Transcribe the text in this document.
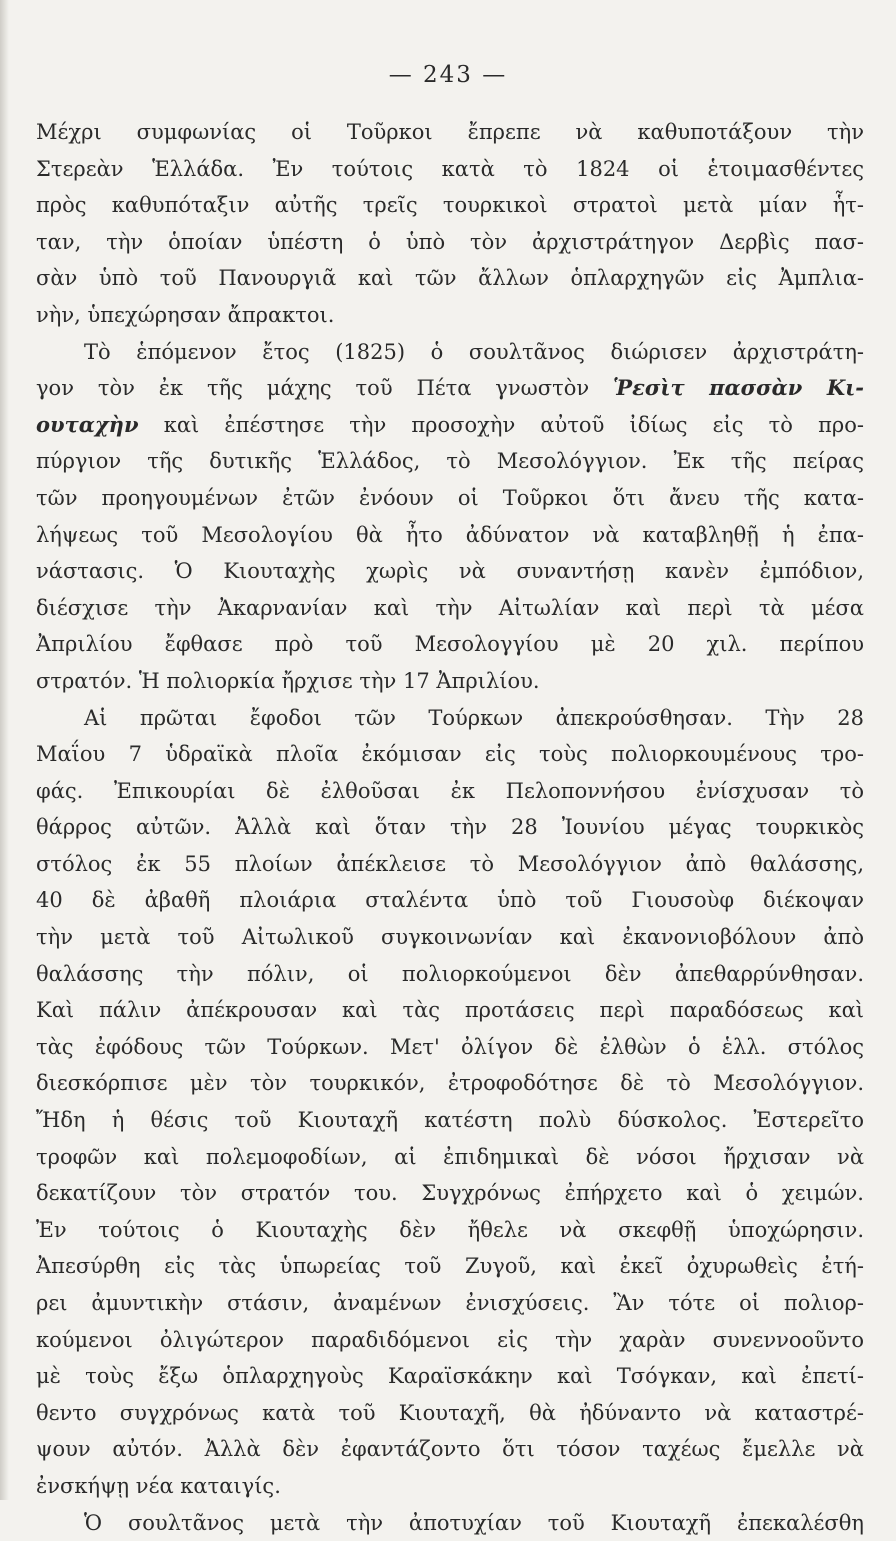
— 243 —
Μέχρι συμφωνίας οἱ Τοῦρκοι ἔπρεπε νὰ καθυποτάξουν τὴν
Στερεὰν Ἑλλάδα. Ἐν τούτοις κατὰ τὸ 1824 οἱ ἑτοιμασθέντες
πρὸς καθυπόταξιν αὐτῆς τρεῖς τουρκικοὶ στρατοὶ μετὰ μίαν ἧτ-
ταν, τὴν ὁποίαν ὑπέστη ὁ ὑπὸ τὸν ἀρχιστράτηγον Δερβὶς πασ-
σὰν ὑπὸ τοῦ Πανουργιᾶ καὶ τῶν ἄλλων ὁπλαρχηγῶν εἰς Ἀμπλια-
νὴν, ὑπεχώρησαν ἄπρακτοι.
Τὸ ἑπόμενον ἔτος (1825) ὁ σουλτᾶνος διώρισεν ἀρχιστράτη-
γον τὸν ἐκ τῆς μάχης τοῦ Πέτα γνωστὸν Ῥεσὶτ πασσὰν Κι-
ουταχὴν καὶ ἐπέστησε τὴν προσοχὴν αὐτοῦ ἰδίως εἰς τὸ προ-
πύργιον τῆς δυτικῆς Ἑλλάδος, τὸ Μεσολόγγιον. Ἐκ τῆς πείρας
τῶν προηγουμένων ἐτῶν ἐνόουν οἱ Τοῦρκοι ὅτι ἄνευ τῆς κατα-
λήψεως τοῦ Μεσολογίου θὰ ἦτο ἀδύνατον νὰ καταβληθῇ ἡ ἐπα-
νάστασις. Ὁ Κιουταχὴς χωρὶς νὰ συναντήσῃ κανὲν ἐμπόδιον,
διέσχισε τὴν Ἀκαρνανίαν καὶ τὴν Αἰτωλίαν καὶ περὶ τὰ μέσα
Ἀπριλίου ἔφθασε πρὸ τοῦ Μεσολογγίου μὲ 20 χιλ. περίπου
στρατόν. Ἡ πολιορκία ἤρχισε τὴν 17 Ἀπριλίου.
Αἱ πρῶται ἔφοδοι τῶν Τούρκων ἀπεκρούσθησαν. Τὴν 28
Μαΐου 7 ὑδραϊκὰ πλοῖα ἐκόμισαν εἰς τοὺς πολιορκουμένους τρο-
φάς. Ἐπικουρίαι δὲ ἐλθοῦσαι ἐκ Πελοποννήσου ἐνίσχυσαν τὸ
θάρρος αὐτῶν. Ἀλλὰ καὶ ὅταν τὴν 28 Ἰουνίου μέγας τουρκικὸς
στόλος ἐκ 55 πλοίων ἀπέκλεισε τὸ Μεσολόγγιον ἀπὸ θαλάσσης,
40 δὲ ἀβαθῆ πλοιάρια σταλέντα ὑπὸ τοῦ Γιουσοὺφ διέκοψαν
τὴν μετὰ τοῦ Αἰτωλικοῦ συγκοινωνίαν καὶ ἐκανονιοβόλουν ἀπὸ
θαλάσσης τὴν πόλιν, οἱ πολιορκούμενοι δὲν ἀπεθαρρύνθησαν.
Καὶ πάλιν ἀπέκρουσαν καὶ τὰς προτάσεις περὶ παραδόσεως καὶ
τὰς ἐφόδους τῶν Τούρκων. Μετ' ὀλίγον δὲ ἐλθὼν ὁ ἑλλ. στόλος
διεσκόρπισε μὲν τὸν τουρκικόν, ἐτροφοδότησε δὲ τὸ Μεσολόγγιον.
Ἤδη ἡ θέσις τοῦ Κιουταχῆ κατέστη πολὺ δύσκολος. Ἐστερεῖτο
τροφῶν καὶ πολεμοφοδίων, αἱ ἐπιδημικαὶ δὲ νόσοι ἤρχισαν νὰ
δεκατίζουν τὸν στρατόν του. Συγχρόνως ἐπήρχετο καὶ ὁ χειμών.
Ἐν τούτοις ὁ Κιουταχὴς δὲν ἤθελε νὰ σκεφθῇ ὑποχώρησιν.
Ἀπεσύρθη εἰς τὰς ὑπωρείας τοῦ Ζυγοῦ, καὶ ἐκεῖ ὀχυρωθεὶς ἐτή-
ρει ἀμυντικὴν στάσιν, ἀναμένων ἐνισχύσεις. Ἂν τότε οἱ πολιορ-
κούμενοι ὀλιγώτερον παραδιδόμενοι εἰς τὴν χαρὰν συνεννοοῦντο
μὲ τοὺς ἔξω ὁπλαρχηγοὺς Καραϊσκάκην καὶ Τσόγκαν, καὶ ἐπετί-
θεντο συγχρόνως κατὰ τοῦ Κιουταχῆ, θὰ ἠδύναντο νὰ καταστρέ-
ψουν αὐτόν. Ἀλλὰ δὲν ἐφαντάζοντο ὅτι τόσον ταχέως ἔμελλε νὰ
ἐνσκήψῃ νέα καταιγίς.
Ὁ σουλτᾶνος μετὰ τὴν ἀποτυχίαν τοῦ Κιουταχῆ ἐπεκαλέσθη
